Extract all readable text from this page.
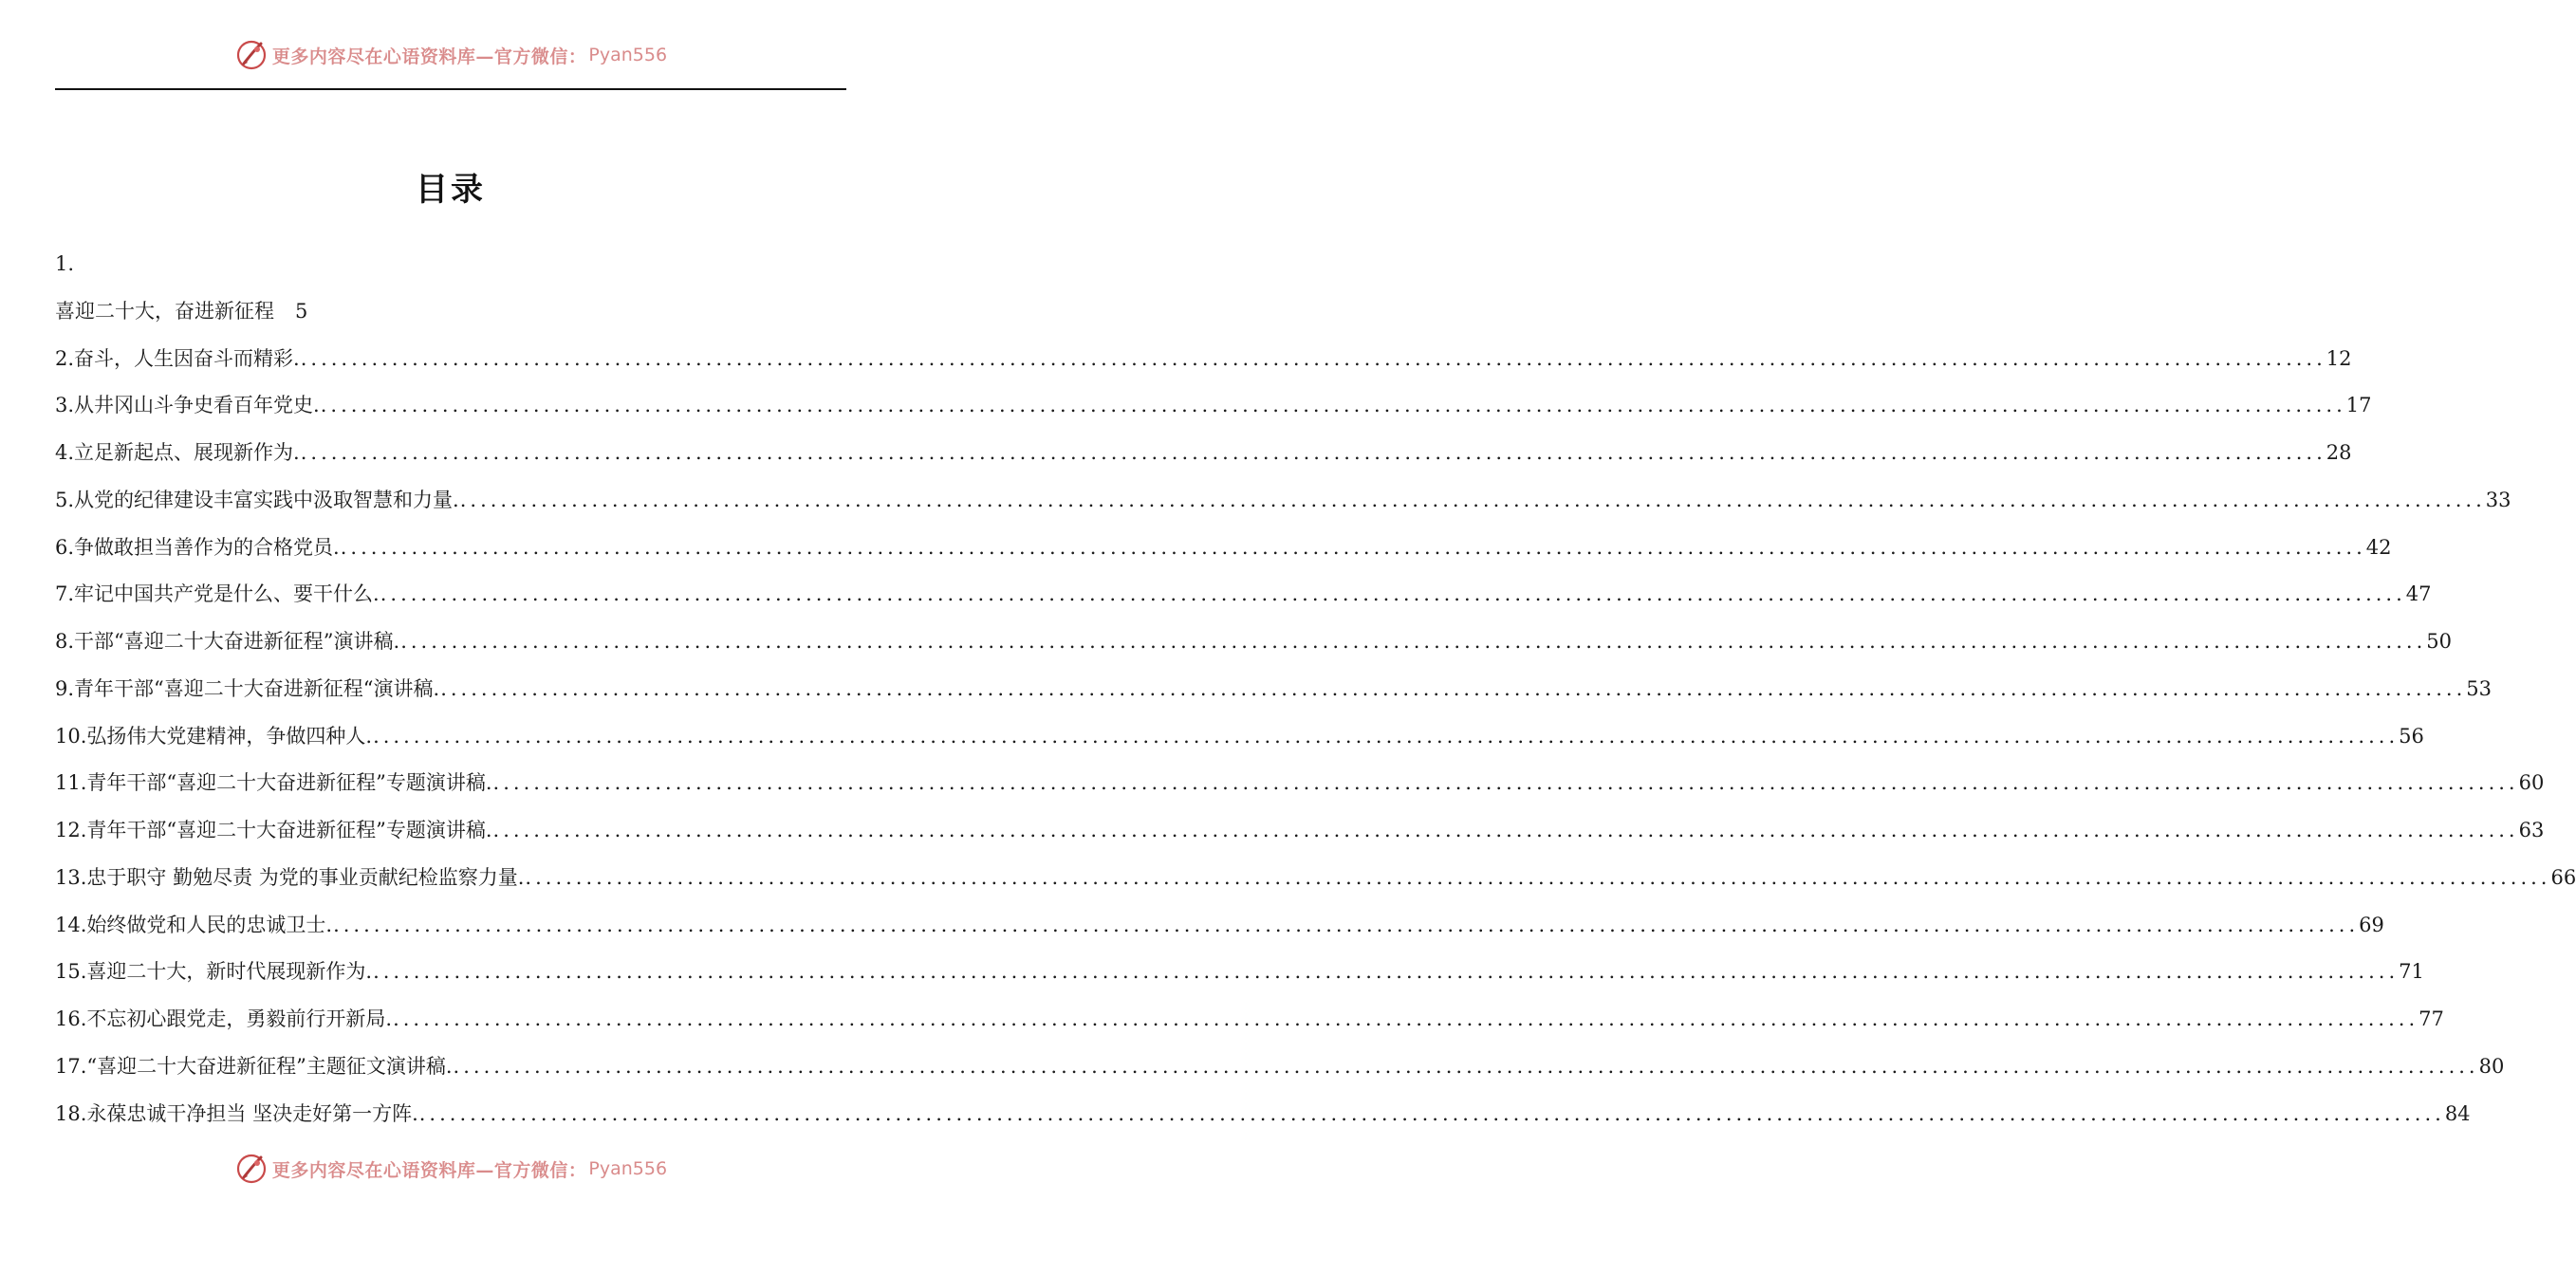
更多内容尽在心语资料库—官方微信： Pyan556
目录
1.
喜迎二十大，奋进新征程 5
2.奋斗，人生因奋斗而精彩. ........................................................................................................................................................................................................ 12
3.从井冈山斗争史看百年党史. ........................................................................................................................................................................................................ 17
4.立足新起点、展现新作为. ........................................................................................................................................................................................................ 28
5.从党的纪律建设丰富实践中汲取智慧和力量. ........................................................................................................................................................................................................ 33
6.争做敢担当善作为的合格党员. ........................................................................................................................................................................................................ 42
7.牢记中国共产党是什么、要干什么. ........................................................................................................................................................................................................ 47
8.干部“喜迎二十大奋进新征程”演讲稿. ........................................................................................................................................................................................................ 50
9.青年干部“喜迎二十大奋进新征程“演讲稿. ........................................................................................................................................................................................................ 53
10.弘扬伟大党建精神，争做四种人. ........................................................................................................................................................................................................ 56
11.青年干部“喜迎二十大奋进新征程”专题演讲稿. ........................................................................................................................................................................................................ 60
12.青年干部“喜迎二十大奋进新征程”专题演讲稿. ........................................................................................................................................................................................................ 63
13.忠于职守 勤勉尽责 为党的事业贡献纪检监察力量. ........................................................................................................................................................................................................ 66
14.始终做党和人民的忠诚卫士. ........................................................................................................................................................................................................ 69
15.喜迎二十大，新时代展现新作为. ........................................................................................................................................................................................................ 71
16.不忘初心跟党走，勇毅前行开新局. ........................................................................................................................................................................................................ 77
17.“喜迎二十大奋进新征程”主题征文演讲稿. ........................................................................................................................................................................................................ 80
18.永葆忠诚干净担当 坚决走好第一方阵. ........................................................................................................................................................................................................ 84
更多内容尽在心语资料库—官方微信： Pyan556
